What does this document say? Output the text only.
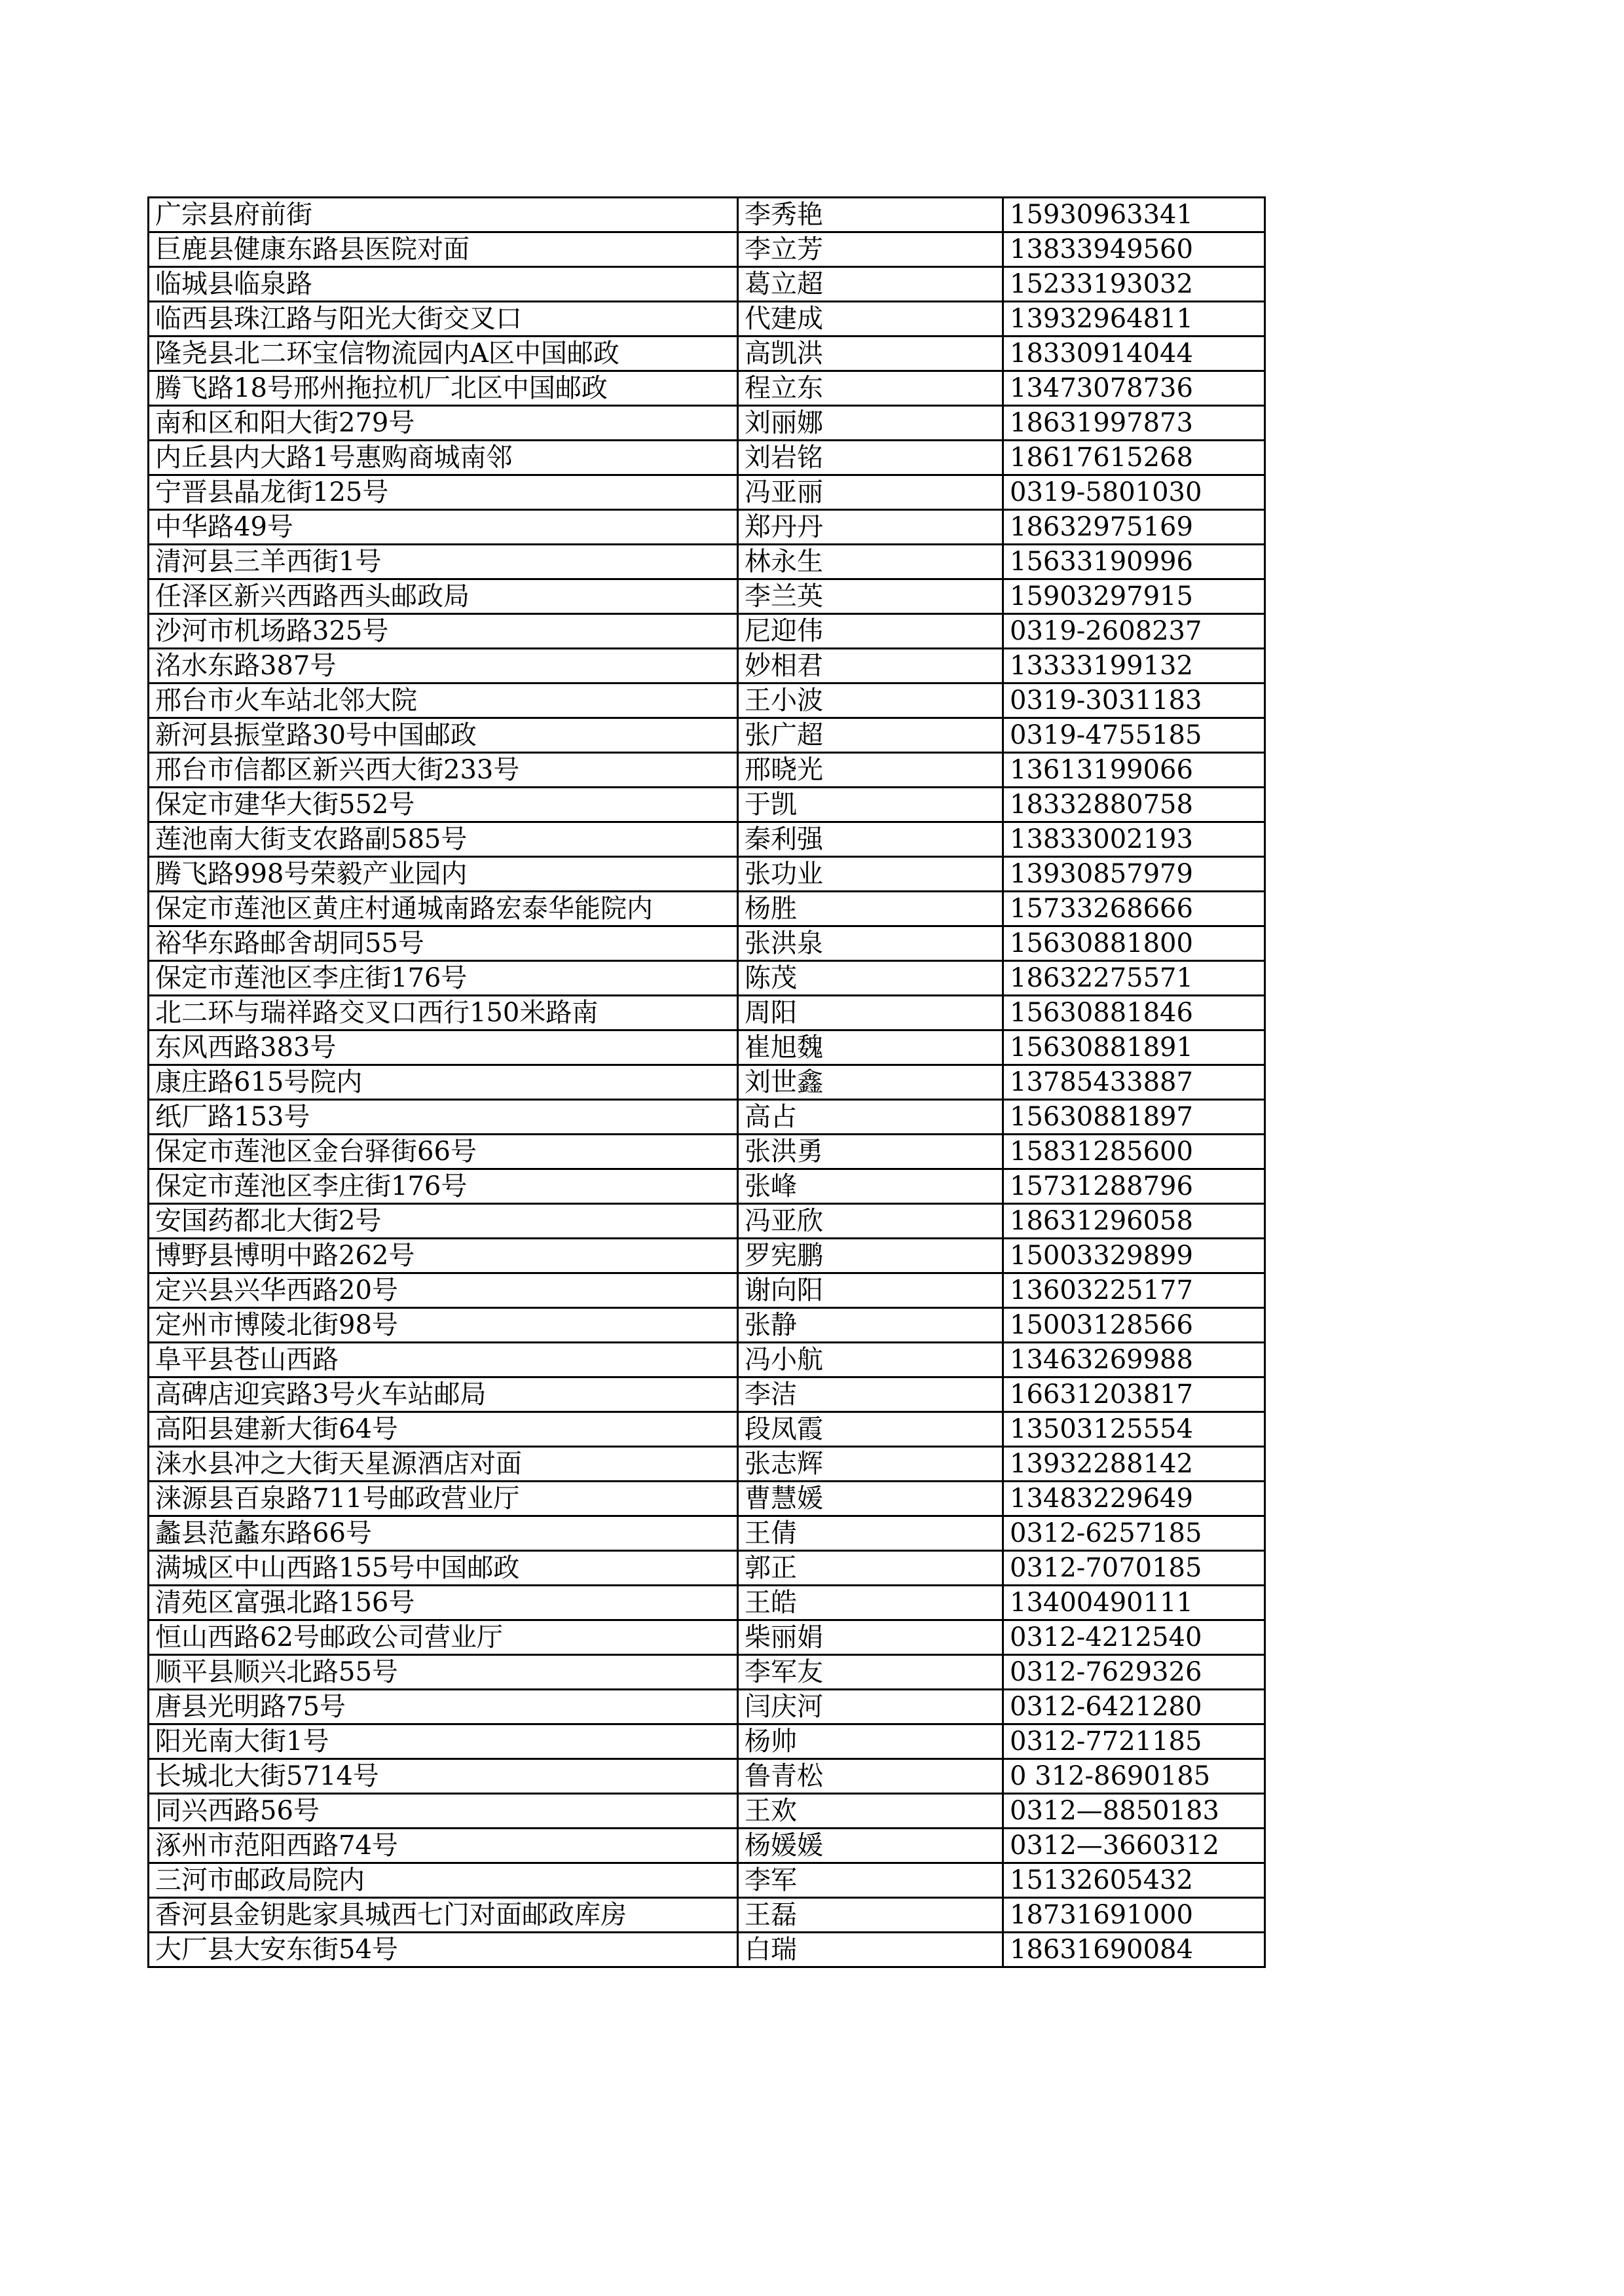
广宗县府前街	李秀艳	15930963341
巨鹿县健康东路县医院对面	李立芳	13833949560
临城县临泉路	葛立超	15233193032
临西县珠江路与阳光大街交叉口	代建成	13932964811
隆尧县北二环宝信物流园内A区中国邮政	高凯洪	18330914044
腾飞路18号邢州拖拉机厂北区中国邮政	程立东	13473078736
南和区和阳大街279号	刘丽娜	18631997873
内丘县内大路1号惠购商城南邻	刘岩铭	18617615268
宁晋县晶龙街125号	冯亚丽	0319-5801030
中华路49号	郑丹丹	18632975169
清河县三羊西街1号	林永生	15633190996
任泽区新兴西路西头邮政局	李兰英	15903297915
沙河市机场路325号	尼迎伟	0319-2608237
洺水东路387号	妙相君	13333199132
邢台市火车站北邻大院	王小波	0319-3031183
新河县振堂路30号中国邮政	张广超	0319-4755185
邢台市信都区新兴西大街233号	邢晓光	13613199066
保定市建华大街552号	于凯	18332880758
莲池南大街支农路副585号	秦利强	13833002193
腾飞路998号荣毅产业园内	张功业	13930857979
保定市莲池区黄庄村通城南路宏泰华能院内	杨胜	15733268666
裕华东路邮舍胡同55号	张洪泉	15630881800
保定市莲池区李庄街176号	陈茂	18632275571
北二环与瑞祥路交叉口西行150米路南	周阳	15630881846
东风西路383号	崔旭魏	15630881891
康庄路615号院内	刘世鑫	13785433887
纸厂路153号	高占	15630881897
保定市莲池区金台驿街66号	张洪勇	15831285600
保定市莲池区李庄街176号	张峰	15731288796
安国药都北大街2号	冯亚欣	18631296058
博野县博明中路262号	罗宪鹏	15003329899
定兴县兴华西路20号	谢向阳	13603225177
定州市博陵北街98号	张静	15003128566
阜平县苍山西路	冯小航	13463269988
高碑店迎宾路3号火车站邮局	李洁	16631203817
高阳县建新大街64号	段凤霞	13503125554
涞水县冲之大街天星源酒店对面	张志辉	13932288142
涞源县百泉路711号邮政营业厅	曹慧媛	13483229649
蠡县范蠡东路66号	王倩	0312-6257185
满城区中山西路155号中国邮政	郭正	0312-7070185
清苑区富强北路156号	王皓	13400490111
恒山西路62号邮政公司营业厅	柴丽娟	0312-4212540
顺平县顺兴北路55号	李军友	0312-7629326
唐县光明路75号	闫庆河	0312-6421280
阳光南大街1号	杨帅	0312-7721185
长城北大街5714号	鲁青松	0 312-8690185
同兴西路56号	王欢	0312—8850183
涿州市范阳西路74号	杨媛媛	0312—3660312
三河市邮政局院内	李军	15132605432
香河县金钥匙家具城西七门对面邮政库房	王磊	18731691000
大厂县大安东街54号	白瑞	18631690084
